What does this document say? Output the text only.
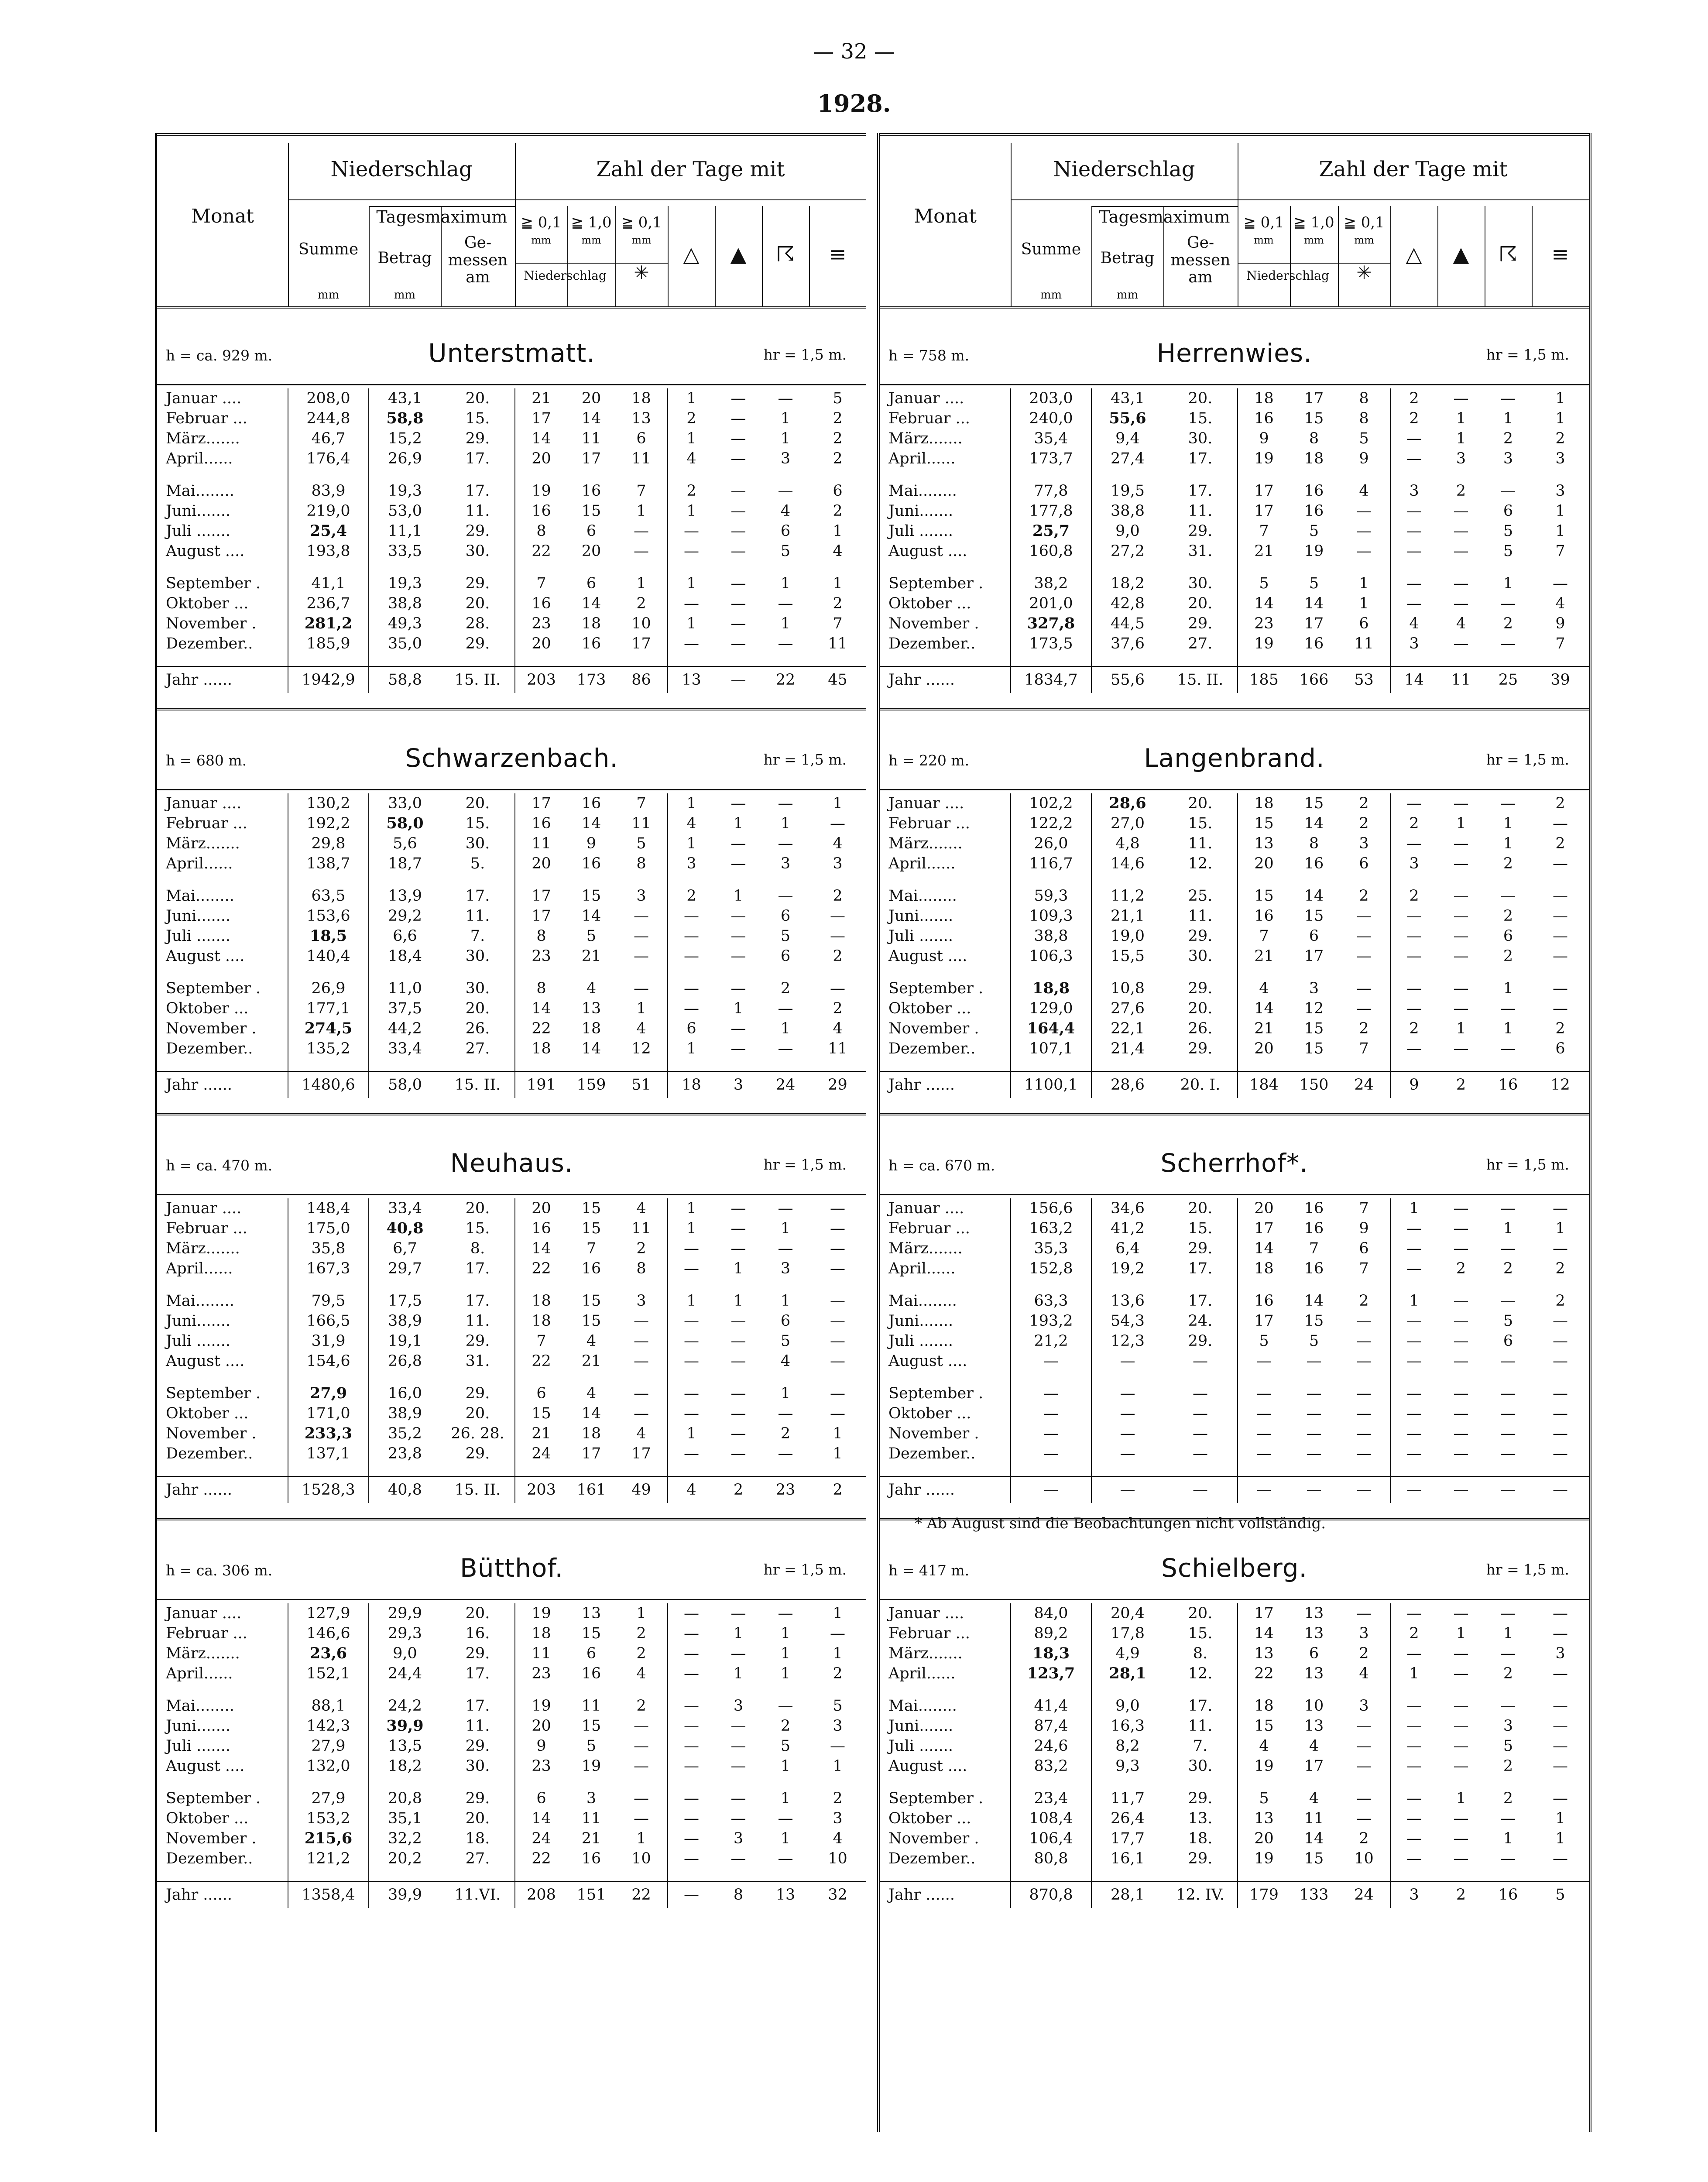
— 32 —
1928.
Monat
Niederschlag	Zahl der Tage mit
Summe
mm
Tagesmaximum
Betrag
mm
Ge-
messen
am
≧ 0,1 ≧ 1,0 ≧ 0,1
mm	mm	mm
Niederschlag	✳
△	▲	☈	≡
h = ca. 929 m.	Unterstmatt.	hr = 1,5 m.
Januar ....	208,0	43,1	20.	21	20	18	1	—	—	5
Februar ...	244,8	58,8	15.	17	14	13	2	—	1	2
März.......	46,7	15,2	29.	14	11	6	1	—	1	2
April......	176,4	26,9	17.	20	17	11	4	—	3	2

Mai........	83,9	19,3	17.	19	16	7	2	—	—	6
Juni.......	219,0	53,0	11.	16	15	1	1	—	4	2
Juli .......	25,4	11,1	29.	8	6	—	—	—	6	1
August ....	193,8	33,5	30.	22	20	—	—	—	5	4

September .	41,1	19,3	29.	7	6	1	1	—	1	1
Oktober ...	236,7	38,8	20.	16	14	2	—	—	—	2
November .	281,2	49,3	28.	23	18	10	1	—	1	7
Dezember..	185,9	35,0	29.	20	16	17	—	—	—	11

Jahr ......	1942,9	58,8	15. II.	203	173	86	13	—	22	45
h = 680 m.	Schwarzenbach.	hr = 1,5 m.
Januar ....	130,2	33,0	20.	17	16	7	1	—	—	1
Februar ...	192,2	58,0	15.	16	14	11	4	1	1	—
März.......	29,8	5,6	30.	11	9	5	1	—	—	4
April......	138,7	18,7	5.	20	16	8	3	—	3	3

Mai........	63,5	13,9	17.	17	15	3	2	1	—	2
Juni.......	153,6	29,2	11.	17	14	—	—	—	6	—
Juli .......	18,5	6,6	7.	8	5	—	—	—	5	—
August ....	140,4	18,4	30.	23	21	—	—	—	6	2

September .	26,9	11,0	30.	8	4	—	—	—	2	—
Oktober ...	177,1	37,5	20.	14	13	1	—	1	—	2
November .	274,5	44,2	26.	22	18	4	6	—	1	4
Dezember..	135,2	33,4	27.	18	14	12	1	—	—	11

Jahr ......	1480,6	58,0	15. II.	191	159	51	18	3	24	29
h = ca. 470 m.	Neuhaus.	hr = 1,5 m.
Januar ....	148,4	33,4	20.	20	15	4	1	—	—	—
Februar ...	175,0	40,8	15.	16	15	11	1	—	1	—
März.......	35,8	6,7	8.	14	7	2	—	—	—	—
April......	167,3	29,7	17.	22	16	8	—	1	3	—

Mai........	79,5	17,5	17.	18	15	3	1	1	1	—
Juni.......	166,5	38,9	11.	18	15	—	—	—	6	—
Juli .......	31,9	19,1	29.	7	4	—	—	—	5	—
August ....	154,6	26,8	31.	22	21	—	—	—	4	—

September .	27,9	16,0	29.	6	4	—	—	—	1	—
Oktober ...	171,0	38,9	20.	15	14	—	—	—	—	—
November .	233,3	35,2	26. 28.	21	18	4	1	—	2	1
Dezember..	137,1	23,8	29.	24	17	17	—	—	—	1

Jahr ......	1528,3	40,8	15. II.	203	161	49	4	2	23	2
h = ca. 306 m.	Bütthof.	hr = 1,5 m.
Januar ....	127,9	29,9	20.	19	13	1	—	—	—	1
Februar ...	146,6	29,3	16.	18	15	2	—	1	1	—
März.......	23,6	9,0	29.	11	6	2	—	—	1	1
April......	152,1	24,4	17.	23	16	4	—	1	1	2

Mai........	88,1	24,2	17.	19	11	2	—	3	—	5
Juni.......	142,3	39,9	11.	20	15	—	—	—	2	3
Juli .......	27,9	13,5	29.	9	5	—	—	—	5	—
August ....	132,0	18,2	30.	23	19	—	—	—	1	1

September .	27,9	20,8	29.	6	3	—	—	—	1	2
Oktober ...	153,2	35,1	20.	14	11	—	—	—	—	3
November .	215,6	32,2	18.	24	21	1	—	3	1	4
Dezember..	121,2	20,2	27.	22	16	10	—	—	—	10

Jahr ......	1358,4	39,9	11.VI.	208	151	22	—	8	13	32
Monat
Niederschlag	Zahl der Tage mit
Summe
mm
Tagesmaximum
Betrag
mm
Ge-
messen
am
≧ 0,1 ≧ 1,0 ≧ 0,1
mm	mm	mm
Niederschlag	✳
△	▲	☈	≡
h = 758 m.	Herrenwies.	hr = 1,5 m.
Januar ....	203,0	43,1	20.	18	17	8	2	—	—	1
Februar ...	240,0	55,6	15.	16	15	8	2	1	1	1
März.......	35,4	9,4	30.	9	8	5	—	1	2	2
April......	173,7	27,4	17.	19	18	9	—	3	3	3

Mai........	77,8	19,5	17.	17	16	4	3	2	—	3
Juni.......	177,8	38,8	11.	17	16	—	—	—	6	1
Juli .......	25,7	9,0	29.	7	5	—	—	—	5	1
August ....	160,8	27,2	31.	21	19	—	—	—	5	7

September .	38,2	18,2	30.	5	5	1	—	—	1	—
Oktober ...	201,0	42,8	20.	14	14	1	—	—	—	4
November .	327,8	44,5	29.	23	17	6	4	4	2	9
Dezember..	173,5	37,6	27.	19	16	11	3	—	—	7

Jahr ......	1834,7	55,6	15. II.	185	166	53	14	11	25	39
h = 220 m.	Langenbrand.	hr = 1,5 m.
Januar ....	102,2	28,6	20.	18	15	2	—	—	—	2
Februar ...	122,2	27,0	15.	15	14	2	2	1	1	—
März.......	26,0	4,8	11.	13	8	3	—	—	1	2
April......	116,7	14,6	12.	20	16	6	3	—	2	—

Mai........	59,3	11,2	25.	15	14	2	2	—	—	—
Juni.......	109,3	21,1	11.	16	15	—	—	—	2	—
Juli .......	38,8	19,0	29.	7	6	—	—	—	6	—
August ....	106,3	15,5	30.	21	17	—	—	—	2	—

September .	18,8	10,8	29.	4	3	—	—	—	1	—
Oktober ...	129,0	27,6	20.	14	12	—	—	—	—	—
November .	164,4	22,1	26.	21	15	2	2	1	1	2
Dezember..	107,1	21,4	29.	20	15	7	—	—	—	6

Jahr ......	1100,1	28,6	20. I.	184	150	24	9	2	16	12
h = ca. 670 m.	Scherrhof*.	hr = 1,5 m.
Januar ....	156,6	34,6	20.	20	16	7	1	—	—	—
Februar ...	163,2	41,2	15.	17	16	9	—	—	1	1
März.......	35,3	6,4	29.	14	7	6	—	—	—	—
April......	152,8	19,2	17.	18	16	7	—	2	2	2

Mai........	63,3	13,6	17.	16	14	2	1	—	—	2
Juni.......	193,2	54,3	24.	17	15	—	—	—	5	—
Juli .......	21,2	12,3	29.	5	5	—	—	—	6	—
August ....	—	—	—	—	—	—	—	—	—	—

September .	—	—	—	—	—	—	—	—	—	—
Oktober ...	—	—	—	—	—	—	—	—	—	—
November .	—	—	—	—	—	—	—	—	—	—
Dezember..	—	—	—	—	—	—	—	—	—	—

Jahr ......	—	—	—	—	—	—	—	—	—	—
* Ab August sind die Beobachtungen nicht vollständig.
h = 417 m.	Schielberg.	hr = 1,5 m.
Januar ....	84,0	20,4	20.	17	13	—	—	—	—	—
Februar ...	89,2	17,8	15.	14	13	3	2	1	1	—
März.......	18,3	4,9	8.	13	6	2	—	—	—	3
April......	123,7	28,1	12.	22	13	4	1	—	2	—

Mai........	41,4	9,0	17.	18	10	3	—	—	—	—
Juni.......	87,4	16,3	11.	15	13	—	—	—	3	—
Juli .......	24,6	8,2	7.	4	4	—	—	—	5	—
August ....	83,2	9,3	30.	19	17	—	—	—	2	—

September .	23,4	11,7	29.	5	4	—	—	1	2	—
Oktober ...	108,4	26,4	13.	13	11	—	—	—	—	1
November .	106,4	17,7	18.	20	14	2	—	—	1	1
Dezember..	80,8	16,1	29.	19	15	10	—	—	—	—

Jahr ......	870,8	28,1	12. IV.	179	133	24	3	2	16	5
